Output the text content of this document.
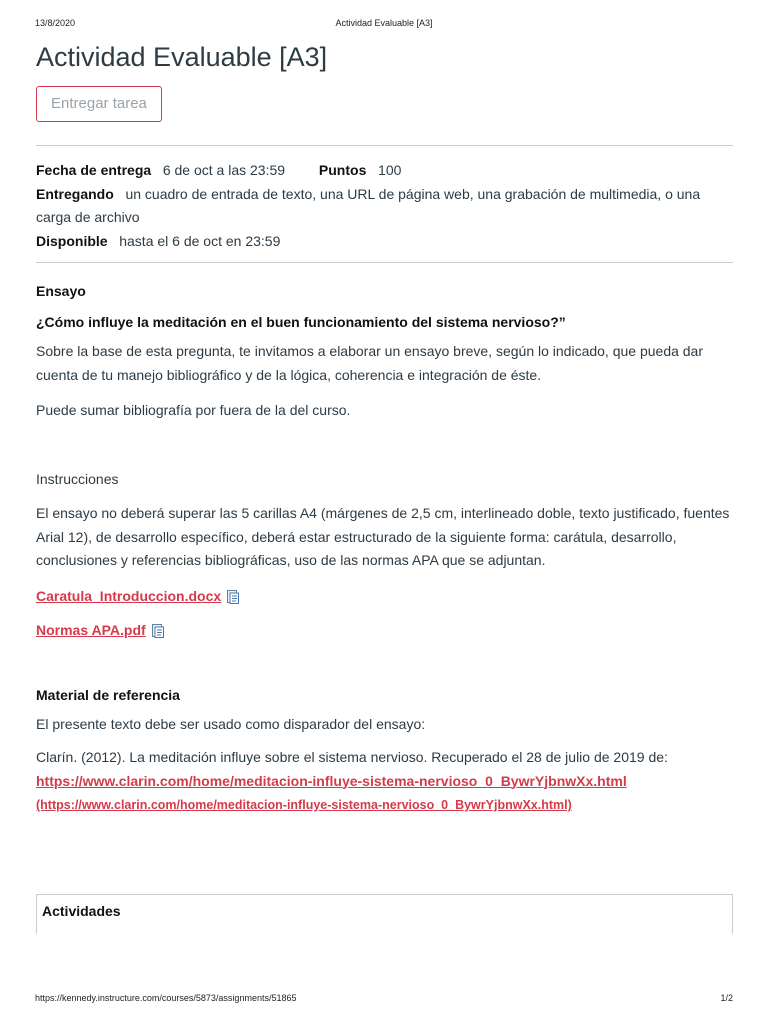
13/8/2020	Actividad Evaluable [A3]
Actividad Evaluable [A3]
Entregar tarea
Fecha de entrega 6 de oct a las 23:59 Puntos 100
Entregando un cuadro de entrada de texto, una URL de página web, una grabación de multimedia, o una carga de archivo
Disponible hasta el 6 de oct en 23:59
Ensayo
¿Cómo influye la meditación en el buen funcionamiento del sistema nervioso?”

Sobre la base de esta pregunta, te invitamos a elaborar un ensayo breve, según lo indicado, que pueda dar cuenta de tu manejo bibliográfico y de la lógica, coherencia e integración de éste.

Puede sumar bibliografía por fuera de la del curso.

Instrucciones

El ensayo no deberá superar las 5 carillas A4 (márgenes de 2,5 cm, interlineado doble, texto justificado, fuentes Arial 12), de desarrollo específico, deberá estar estructurado de la siguiente forma: carátula, desarrollo, conclusiones y referencias bibliográficas, uso de las normas APA que se adjuntan.

Caratula_Introduccion.docx
Normas APA.pdf
Material de referencia

El presente texto debe ser usado como disparador del ensayo:

Clarín. (2012). La meditación influye sobre el sistema nervioso. Recuperado el 28 de julio de 2019 de: https://www.clarin.com/home/meditacion-influye-sistema-nervioso_0_BywrYjbnwXx.html
(https://www.clarin.com/home/meditacion-influye-sistema-nervioso_0_BywrYjbnwXx.html)

Actividades
https://kennedy.instructure.com/courses/5873/assignments/51865	1/2
